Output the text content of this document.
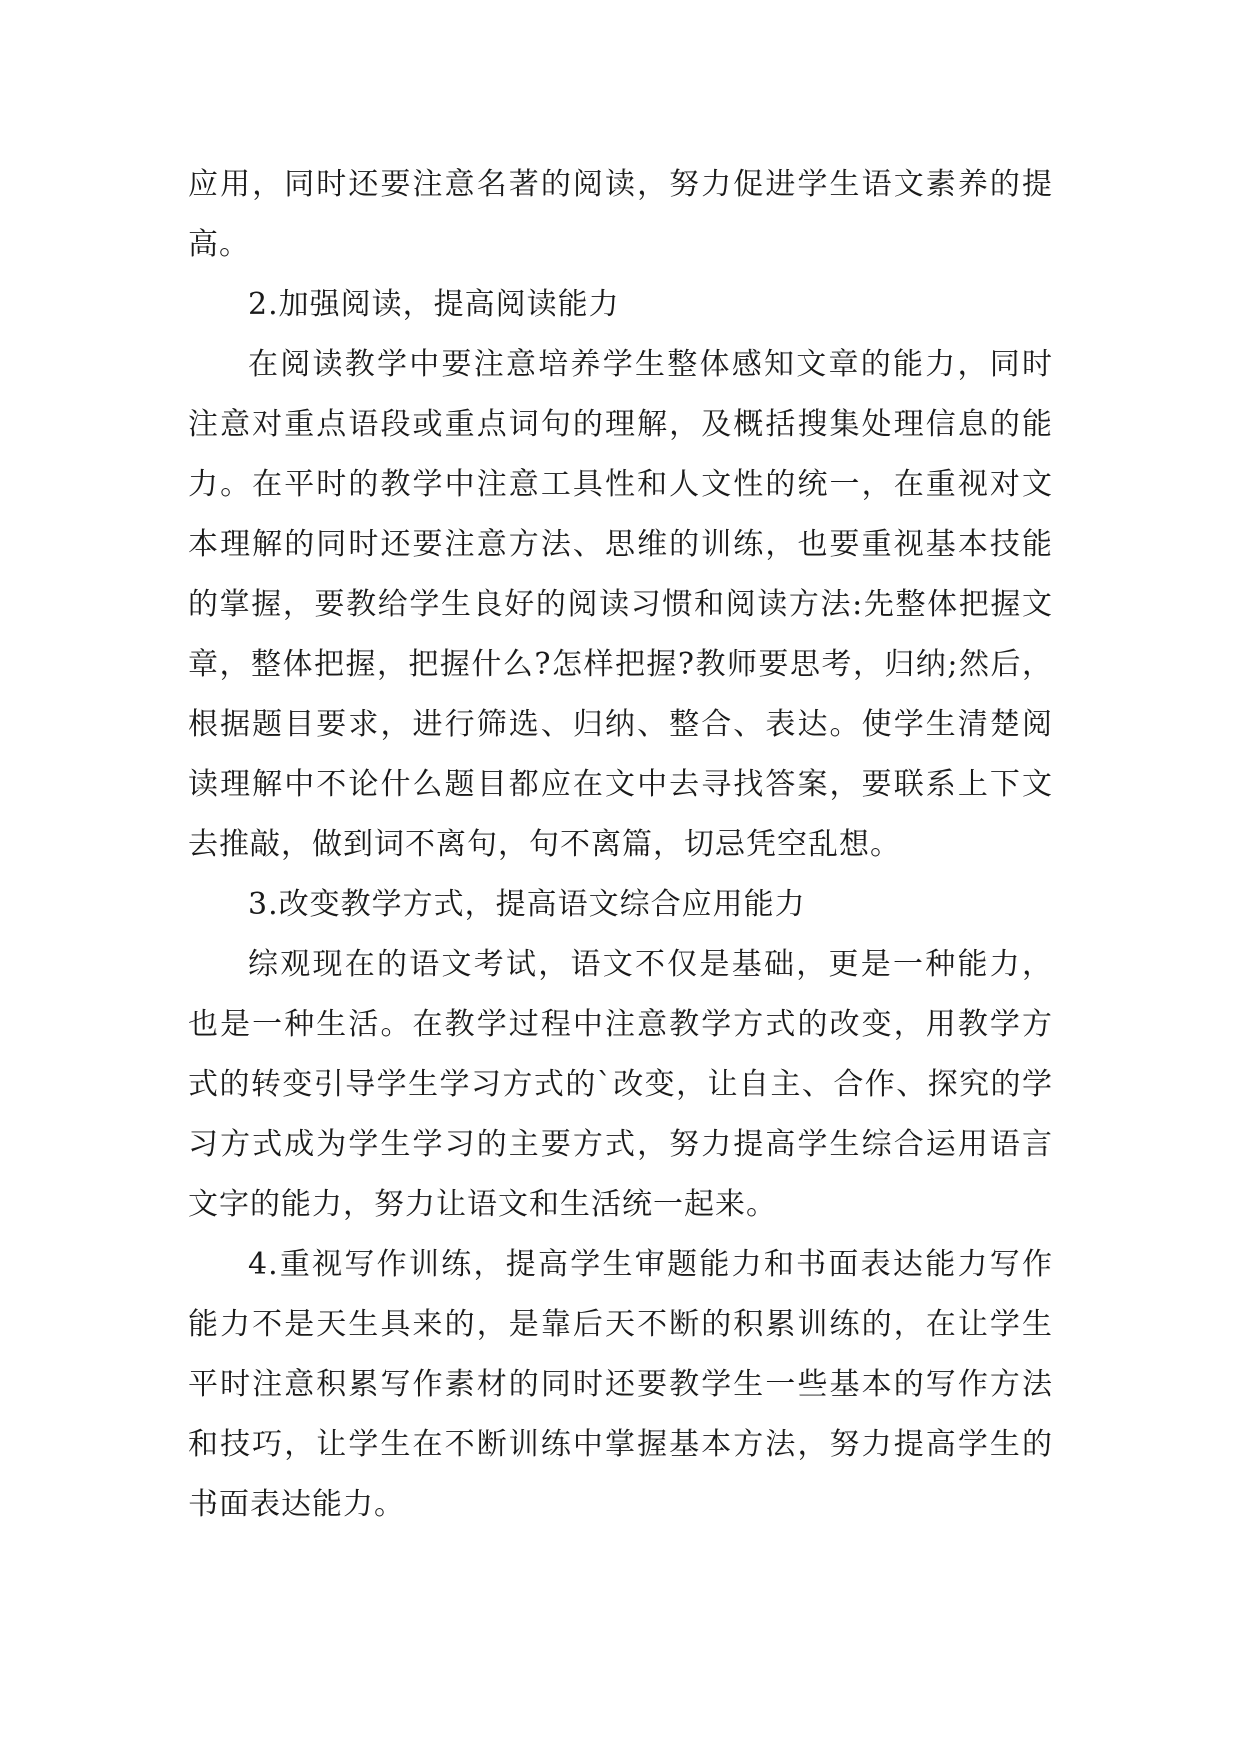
应用，同时还要注意名著的阅读，努力促进学生语文素养的提高。

2.加强阅读，提高阅读能力

在阅读教学中要注意培养学生整体感知文章的能力，同时注意对重点语段或重点词句的理解，及概括搜集处理信息的能力。在平时的教学中注意工具性和人文性的统一，在重视对文本理解的同时还要注意方法、思维的训练，也要重视基本技能的掌握，要教给学生良好的阅读习惯和阅读方法:先整体把握文章，整体把握，把握什么?怎样把握?教师要思考，归纳;然后，根据题目要求，进行筛选、归纳、整合、表达。使学生清楚阅读理解中不论什么题目都应在文中去寻找答案，要联系上下文去推敲，做到词不离句，句不离篇，切忌凭空乱想。

3.改变教学方式，提高语文综合应用能力

综观现在的语文考试，语文不仅是基础，更是一种能力，也是一种生活。在教学过程中注意教学方式的改变，用教学方式的转变引导学生学习方式的`改变，让自主、合作、探究的学习方式成为学生学习的主要方式，努力提高学生综合运用语言文字的能力，努力让语文和生活统一起来。

4.重视写作训练，提高学生审题能力和书面表达能力写作能力不是天生具来的，是靠后天不断的积累训练的，在让学生平时注意积累写作素材的同时还要教学生一些基本的写作方法和技巧，让学生在不断训练中掌握基本方法，努力提高学生的书面表达能力。
